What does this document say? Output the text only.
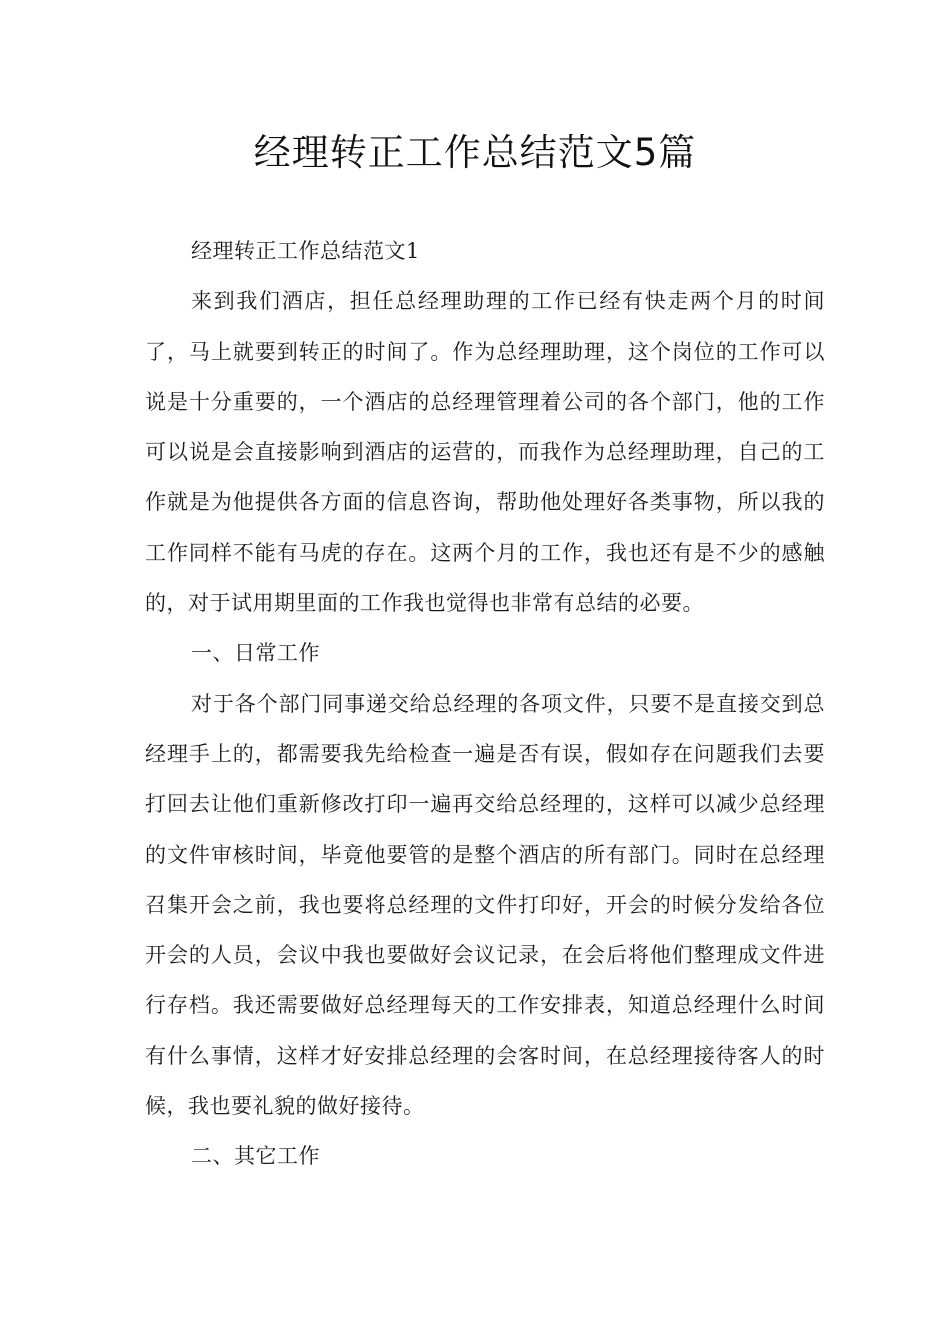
经理转正工作总结范文5篇

经理转正工作总结范文1

来到我们酒店，担任总经理助理的工作已经有快走两个月的时间了，马上就要到转正的时间了。作为总经理助理，这个岗位的工作可以说是十分重要的，一个酒店的总经理管理着公司的各个部门，他的工作可以说是会直接影响到酒店的运营的，而我作为总经理助理，自己的工作就是为他提供各方面的信息咨询，帮助他处理好各类事物，所以我的工作同样不能有马虎的存在。这两个月的工作，我也还有是不少的感触的，对于试用期里面的工作我也觉得也非常有总结的必要。

一、日常工作

对于各个部门同事递交给总经理的各项文件，只要不是直接交到总经理手上的，都需要我先给检查一遍是否有误，假如存在问题我们去要打回去让他们重新修改打印一遍再交给总经理的，这样可以减少总经理的文件审核时间，毕竟他要管的是整个酒店的所有部门。同时在总经理召集开会之前，我也要将总经理的文件打印好，开会的时候分发给各位开会的人员，会议中我也要做好会议记录，在会后将他们整理成文件进行存档。我还需要做好总经理每天的工作安排表，知道总经理什么时间有什么事情，这样才好安排总经理的会客时间，在总经理接待客人的时候，我也要礼貌的做好接待。

二、其它工作
